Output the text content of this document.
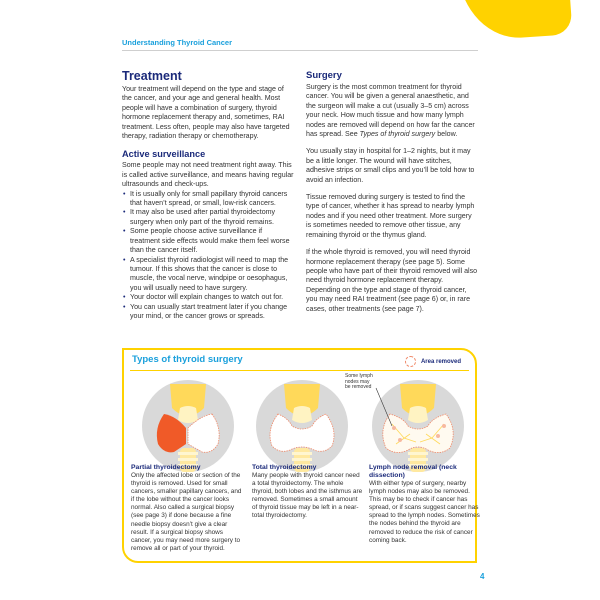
Understanding Thyroid Cancer
Treatment

Your treatment will depend on the type and stage of the cancer, and your age and general health. Most people will have a combination of surgery, thyroid hormone replacement therapy and, sometimes, RAI treatment. Less often, people may also have targeted therapy, radiation therapy or chemotherapy.

Active surveillance
Some people may not need treatment right away. This is called active surveillance, and means having regular ultrasounds and check-ups.
• It is usually only for small papillary thyroid cancers that haven’t spread, or small, low-risk cancers.
• It may also be used after partial thyroidectomy surgery when only part of the thyroid remains.
• Some people choose active surveillance if treatment side effects would make them feel worse than the cancer itself.
• A specialist thyroid radiologist will need to map the tumour. If this shows that the cancer is close to muscle, the vocal nerve, windpipe or oesophagus, you will usually need to have surgery.
• Your doctor will explain changes to watch out for.
• You can usually start treatment later if you change your mind, or the cancer grows or spreads.
Surgery

Surgery is the most common treatment for thyroid cancer. You will be given a general anaesthetic, and the surgeon will make a cut (usually 3–5 cm) across your neck. How much tissue and how many lymph nodes are removed will depend on how far the cancer has spread. See Types of thyroid surgery below.

You usually stay in hospital for 1–2 nights, but it may be a little longer. The wound will have stitches, adhesive strips or small clips and you’ll be told how to avoid an infection.

Tissue removed during surgery is tested to find the type of cancer, whether it has spread to nearby lymph nodes and if you need other treatment. More surgery is sometimes needed to remove other tissue, any remaining thyroid or the thymus gland.

If the whole thyroid is removed, you will need thyroid hormone replacement therapy (see page 5). Some people who have part of their thyroid removed will also need thyroid hormone replacement therapy. Depending on the type and stage of thyroid cancer, you may need RAI treatment (see page 6) or, in rare cases, other treatments (see page 7).

Types of thyroid surgery	Area removed
Some lymph nodes may be removed
Partial thyroidectomy
Only the affected lobe or section of the thyroid is removed. Used for small cancers, smaller papillary cancers, and if the lobe without the cancer looks normal. Also called a surgical biopsy (see page 3) if done because a fine needle biopsy doesn’t give a clear result. If a surgical biopsy shows cancer, you may need more surgery to remove all or part of your thyroid.
Total thyroidectomy
Many people with thyroid cancer need a total thyroidectomy. The whole thyroid, both lobes and the isthmus are removed. Sometimes a small amount of thyroid tissue may be left in a near-total thyroidectomy.
Lymph node removal (neck dissection)
With either type of surgery, nearby lymph nodes may also be removed. This may be to check if cancer has spread, or if scans suggest cancer has spread to the lymph nodes. Sometimes the nodes behind the thyroid are removed to reduce the risk of cancer coming back.
4
